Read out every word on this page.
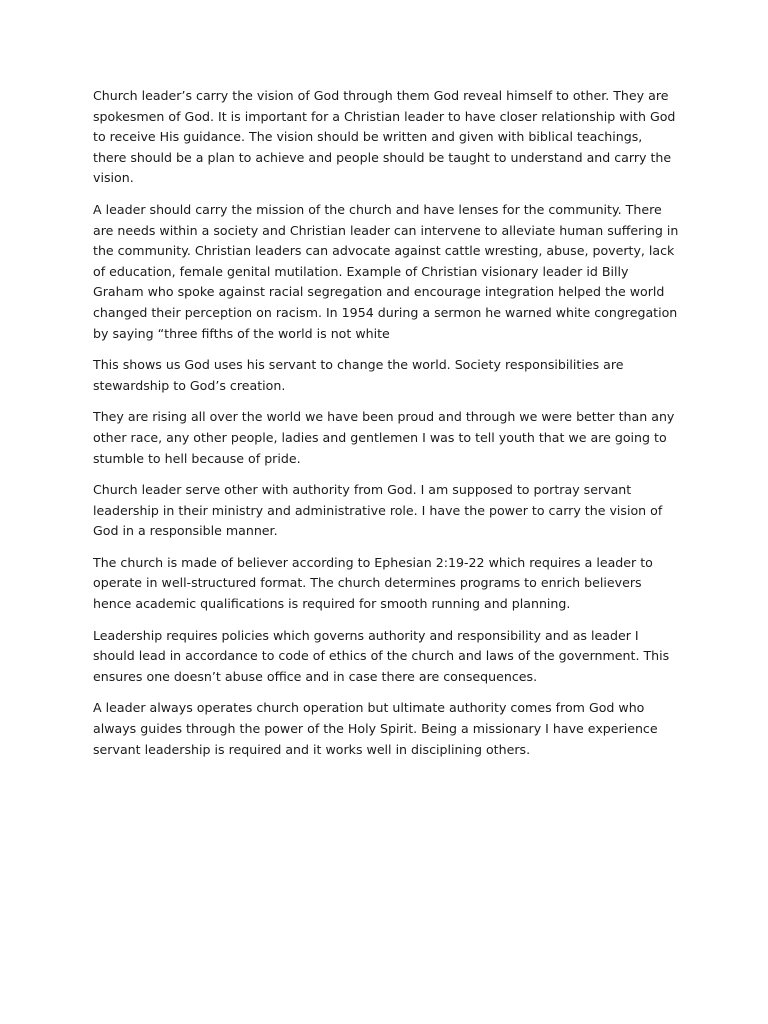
Church leader’s carry the vision of God through them God reveal himself to other. They are
spokesmen of God. It is important for a Christian leader to have closer relationship with God
to receive His guidance. The vision should be written and given with biblical teachings,
there should be a plan to achieve and people should be taught to understand and carry the
vision.

A leader should carry the mission of the church and have lenses for the community. There
are needs within a society and Christian leader can intervene to alleviate human suffering in
the community. Christian leaders can advocate against cattle wresting, abuse, poverty, lack
of education, female genital mutilation. Example of Christian visionary leader id Billy
Graham who spoke against racial segregation and encourage integration helped the world
changed their perception on racism. In 1954 during a sermon he warned white congregation
by saying “three fifths of the world is not white

This shows us God uses his servant to change the world. Society responsibilities are
stewardship to God’s creation.

They are rising all over the world we have been proud and through we were better than any
other race, any other people, ladies and gentlemen I was to tell youth that we are going to
stumble to hell because of pride.

Church leader serve other with authority from God. I am supposed to portray servant
leadership in their ministry and administrative role. I have the power to carry the vision of
God in a responsible manner.

The church is made of believer according to Ephesian 2:19-22 which requires a leader to
operate in well-structured format. The church determines programs to enrich believers
hence academic qualifications is required for smooth running and planning.

Leadership requires policies which governs authority and responsibility and as leader I
should lead in accordance to code of ethics of the church and laws of the government. This
ensures one doesn’t abuse office and in case there are consequences.

A leader always operates church operation but ultimate authority comes from God who
always guides through the power of the Holy Spirit. Being a missionary I have experience
servant leadership is required and it works well in disciplining others.
